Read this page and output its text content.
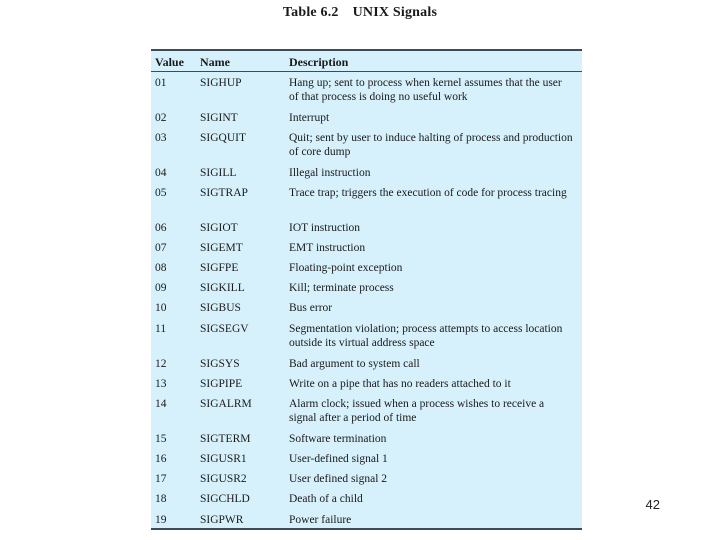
Table 6.2 UNIX Signals
Value Name	Description
01	SIGHUP	Hang up; sent to process when kernel assumes that the user of that process is doing no useful work
02	SIGINT	Interrupt
03	SIGQUIT	Quit; sent by user to induce halting of process and production of core dump
04	SIGILL	Illegal instruction
05	SIGTRAP	Trace trap; triggers the execution of code for process tracing
06	SIGIOT	IOT instruction
07	SIGEMT	EMT instruction
08	SIGFPE	Floating-point exception
09	SIGKILL	Kill; terminate process
10	SIGBUS	Bus error
11	SIGSEGV	Segmentation violation; process attempts to access location outside its virtual address space
12	SIGSYS	Bad argument to system call
13	SIGPIPE	Write on a pipe that has no readers attached to it
14	SIGALRM	Alarm clock; issued when a process wishes to receive a signal after a period of time
15	SIGTERM	Software termination
16	SIGUSR1	User-defined signal 1
17	SIGUSR2	User defined signal 2
18	SIGCHLD	Death of a child
19	SIGPWR	Power failure
42
